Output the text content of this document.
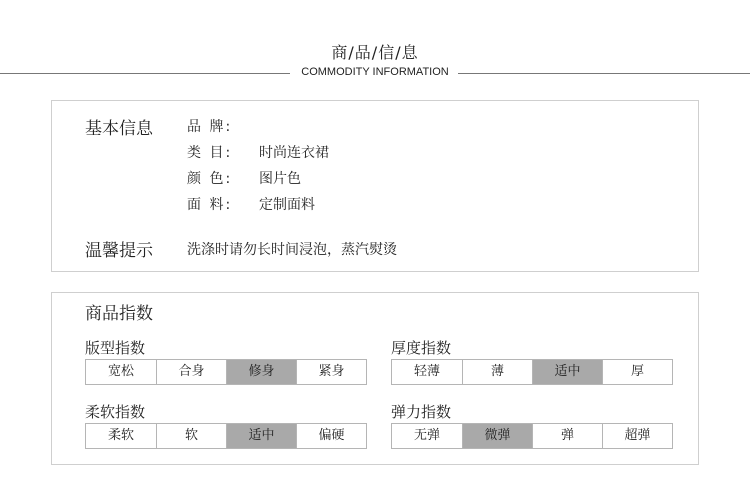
商/品/信/息
COMMODITY INFORMATION
基本信息 品 牌:
类 目:	时尚连衣裙
颜 色:	图片色
面 料:	定制面料
温馨提示 洗涤时请勿长时间浸泡，蒸汽熨烫
商品指数
版型指数
宽松	合身	修身	紧身
厚度指数
轻薄	薄	适中	厚
柔软指数
柔软	软	适中	偏硬
弹力指数
无弹	微弹	弹	超弹
